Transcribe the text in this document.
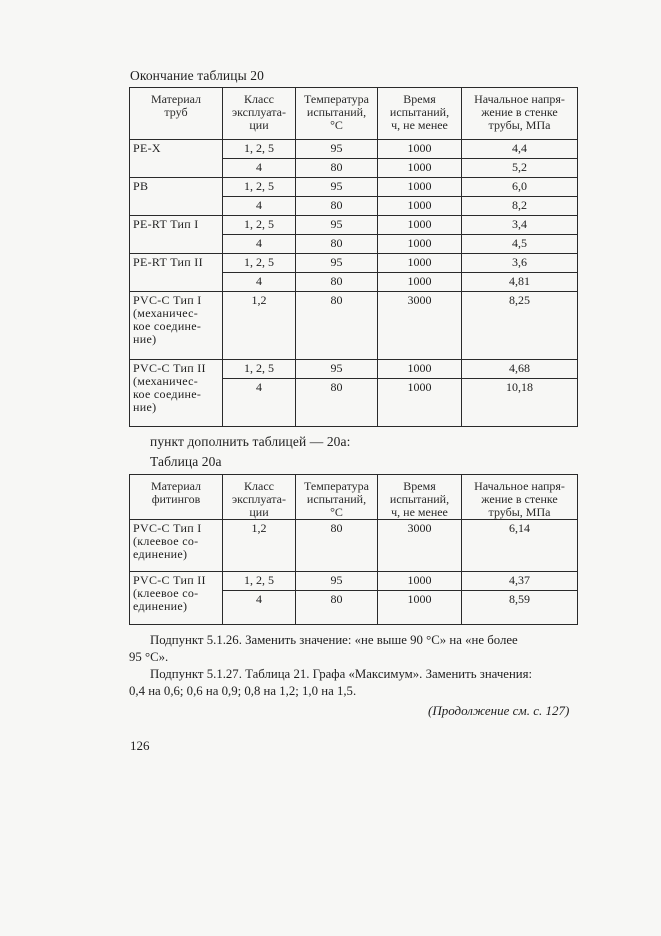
Окончание таблицы 20
Материал
труб	Класс
эксплуата-
ции	Температура
испытаний,
°С	Время
испытаний,
ч, не менее	Начальное напря-
жение в стенке
трубы, МПа

PE-X	1, 2, 5	95	1000	4,4
	4	80	1000	5,2

PB	1, 2, 5	95	1000	6,0
	4	80	1000	8,2

PE-RT Тип I	1, 2, 5	95	1000	3,4
	4	80	1000	4,5

PE-RT Тип II	1, 2, 5	95	1000	3,6
	4	80	1000	4,81

PVC-C Тип I
(механичес-
кое соедине-
ние)	1,2	80	3000	8,25

PVC-C Тип II
(механичес-
кое соедине-
ние)	1, 2, 5	95	1000	4,68
	4	80	1000	10,18
пункт дополнить таблицей — 20а:
Таблица 20а
Материал
фитингов	Класс
эксплуата-
ции	Температура
испытаний,
°С	Время
испытаний,
ч, не менее	Начальное напря-
жение в стенке
трубы, МПа

PVC-C Тип I
(клеевое со-
единение)	1,2	80	3000	6,14

PVC-C Тип II
(клеевое со-
единение)	1, 2, 5	95	1000	4,37
	4	80	1000	8,59
Подпункт 5.1.26. Заменить значение: «не выше 90 °С» на «не более
95 °С».
Подпункт 5.1.27. Таблица 21. Графа «Максимум». Заменить значения:
0,4 на 0,6; 0,6 на 0,9; 0,8 на 1,2; 1,0 на 1,5.
(Продолжение см. с. 127)
126
